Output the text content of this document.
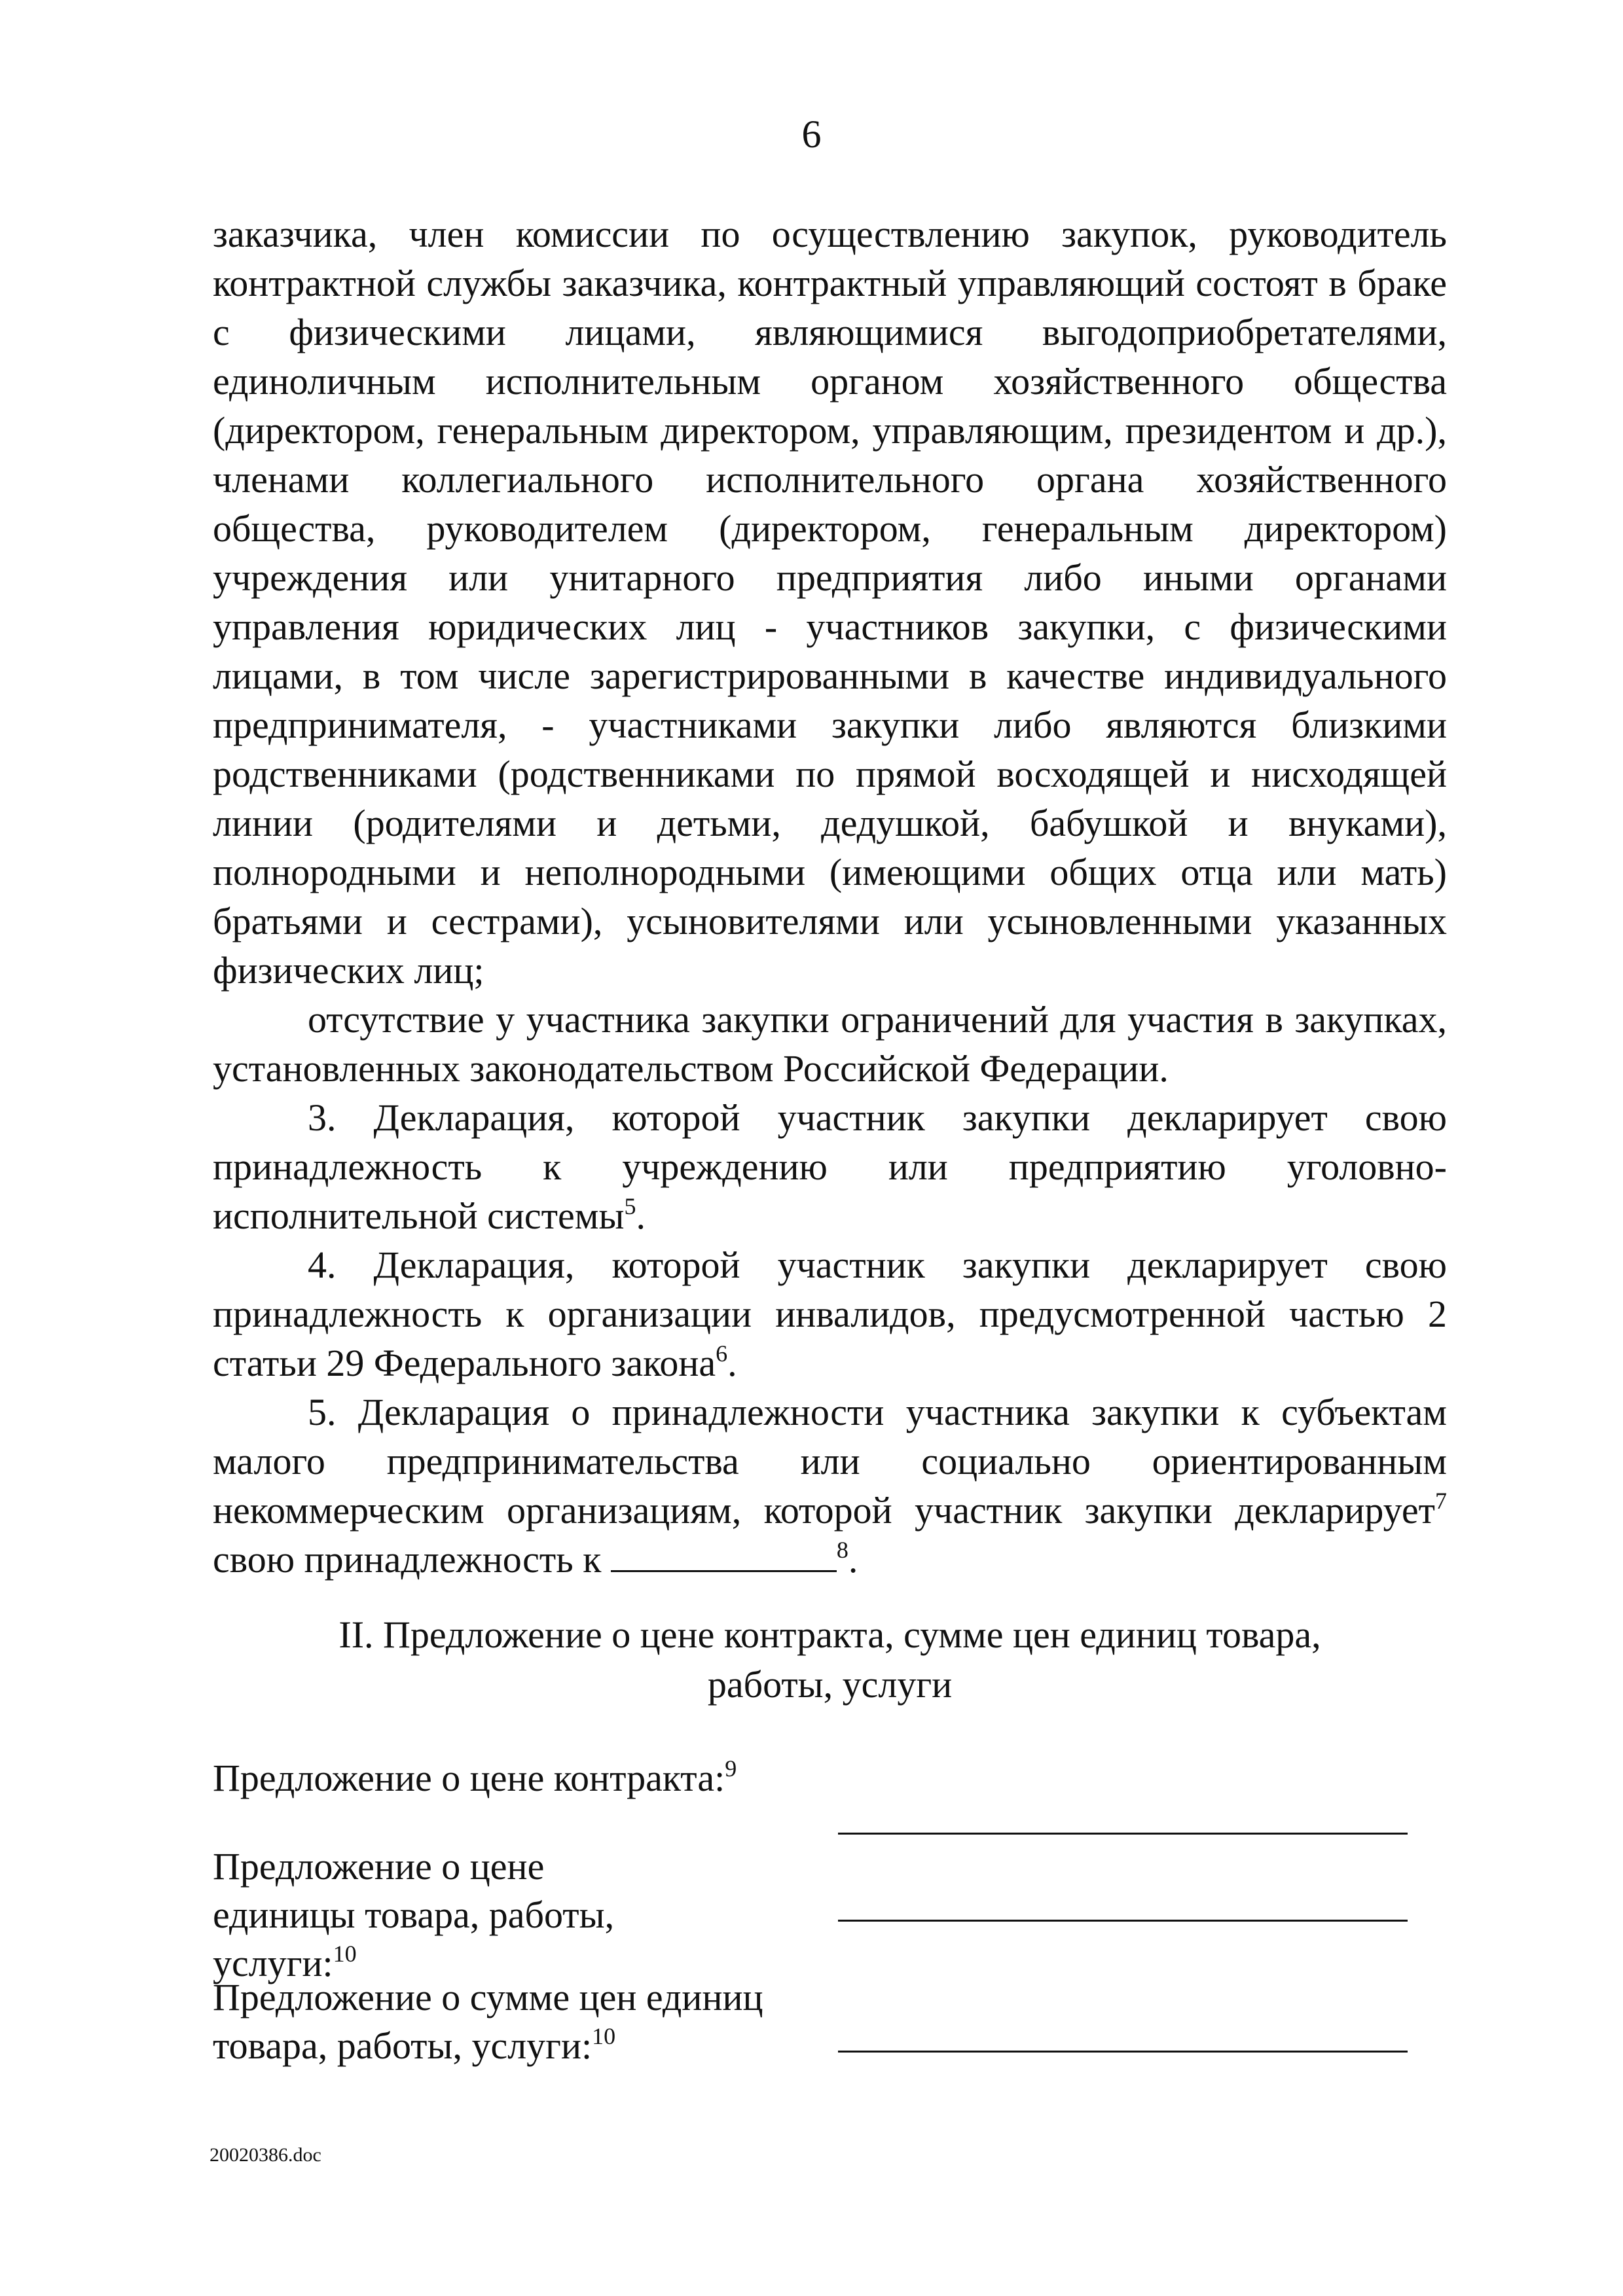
6

заказчика, член комиссии по осуществлению закупок, руководитель контрактной службы заказчика, контрактный управляющий состоят в браке с физическими лицами, являющимися выгодоприобретателями, единоличным исполнительным органом хозяйственного общества (директором, генеральным директором, управляющим, президентом и др.), членами коллегиального исполнительного органа хозяйственного общества, руководителем (директором, генеральным директором) учреждения или унитарного предприятия либо иными органами управления юридических лиц - участников закупки, с физическими лицами, в том числе зарегистрированными в качестве индивидуального предпринимателя, - участниками закупки либо являются близкими родственниками (родственниками по прямой восходящей и нисходящей линии (родителями и детьми, дедушкой, бабушкой и внуками), полнородными и неполнородными (имеющими общих отца или мать) братьями и сестрами), усыновителями или усыновленными указанных физических лиц;

отсутствие у участника закупки ограничений для участия в закупках, установленных законодательством Российской Федерации.

3. Декларация, которой участник закупки декларирует свою принадлежность к учреждению или предприятию уголовно-исполнительной системы$^5$.

4. Декларация, которой участник закупки декларирует свою принадлежность к организации инвалидов, предусмотренной частью 2 статьи 29 Федерального закона$^6$.

5. Декларация о принадлежности участника закупки к субъектам малого предпринимательства или социально ориентированным некоммерческим организациям, которой участник закупки декларирует$^7$ свою принадлежность к	$^8$.

II. Предложение о цене контракта, сумме цен единиц товара,
работы, услуги

Предложение о цене контракта:$^9$

Предложение о цене единицы товара, работы, услуги:$^{10}$

Предложение о сумме цен единиц товара, работы, услуги:$^{10}$

20020386.doc
